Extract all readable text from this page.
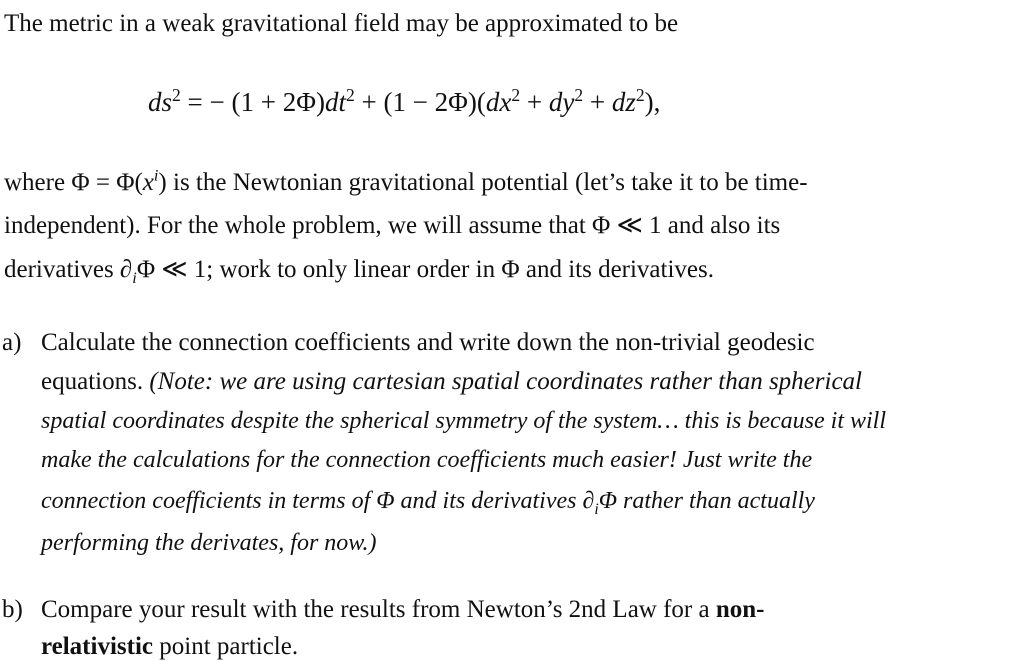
The metric in a weak gravitational field may be approximated to be
$ds^2$ = − $(1 + 2\Phi)dt^2 + (1 - 2\Phi)(dx^2 + dy^2 + dz^2)$,
where $\Phi = \Phi(x^i)$ is the Newtonian gravitational potential (let’s take it to be time-
independent). For the whole problem, we will assume that Φ ≪ 1 and also its
derivatives $\partial_i\Phi$ ≪ 1; work to only linear order in Φ and its derivatives.
a) Calculate the connection coefficients and write down the non-trivial geodesic
equations. (Note: we are using cartesian spatial coordinates rather than spherical
spatial coordinates despite the spherical symmetry of the system… this is because it will
make the calculations for the connection coefficients much easier! Just write the
connection coefficients in terms of Φ and its derivatives $\partial_i\Phi$ rather than actually
performing the derivates, for now.)
b) Compare your result with the results from Newton’s 2nd Law for a non-
relativistic point particle.
